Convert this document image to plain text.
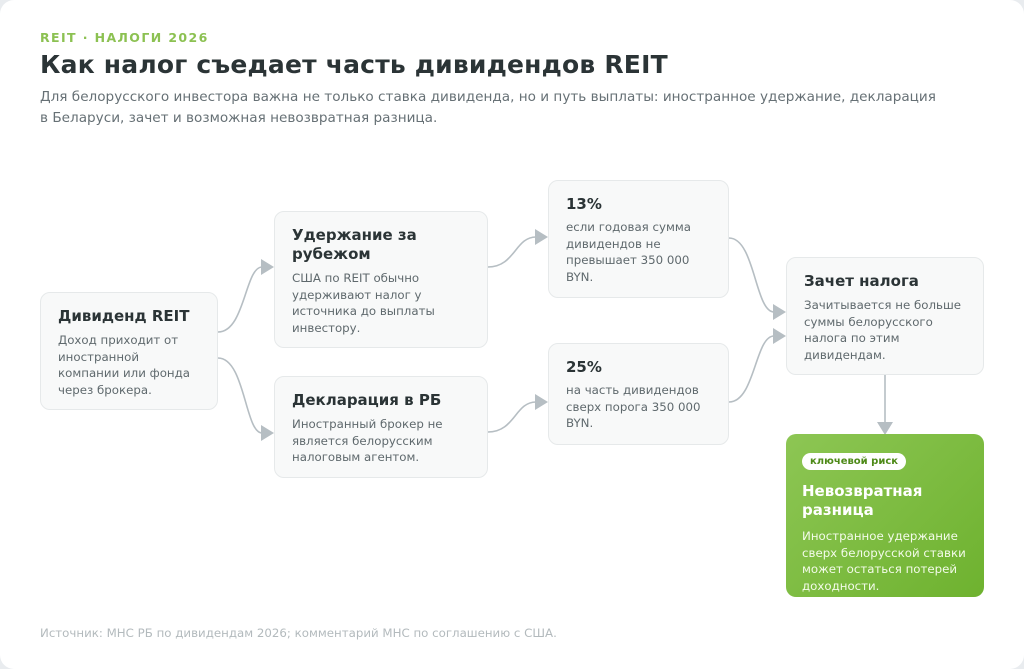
REIT · НАЛОГИ 2026
Как налог съедает часть дивидендов REIT
Для белорусского инвестора важна не только ставка дивиденда, но и путь выплаты: иностранное удержание, декларация в Беларуси, зачет и возможная невозвратная разница.
Дивиденд REIT
Доход приходит от иностранной компании или фонда через брокера.
Удержание за рубежом
США по REIT обычно удерживают налог у источника до выплаты инвестору.
Декларация в РБ
Иностранный брокер не является белорусским налоговым агентом.
13%
если годовая сумма дивидендов не превышает 350 000 BYN.
25%
на часть дивидендов сверх порога 350 000 BYN.
Зачет налога
Зачитывается не больше суммы белорусского налога по этим дивидендам.
ключевой риск
Невозвратная разница
Иностранное удержание сверх белорусской ставки может остаться потерей доходности.
Источник: МНС РБ по дивидендам 2026; комментарий МНС по соглашению с США.
